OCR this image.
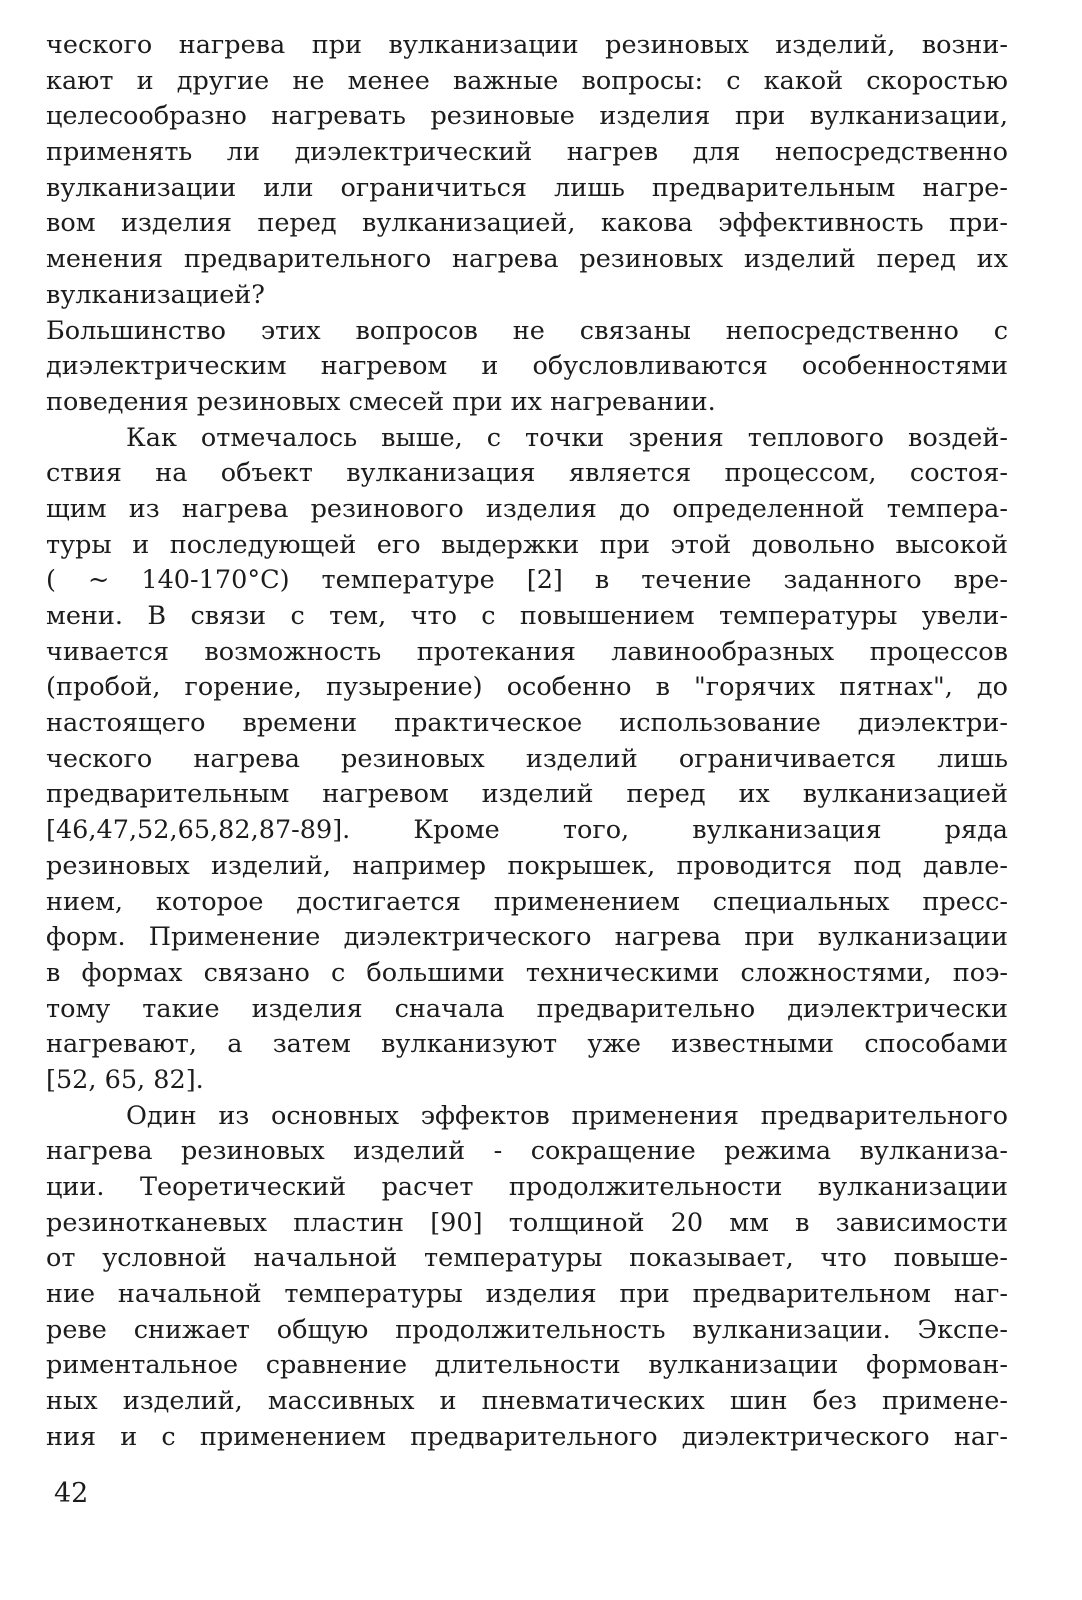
ческого нагрева при вулканизации резиновых изделий, возни-
кают и другие не менее важные вопросы: с какой скоростью
целесообразно нагревать резиновые изделия при вулканизации,
применять ли диэлектрический нагрев для непосредственно
вулканизации или ограничиться лишь предварительным нагре-
вом изделия перед вулканизацией, какова эффективность при-
менения предварительного нагрева резиновых изделий перед их
вулканизацией?
Большинство этих вопросов не связаны непосредственно с
диэлектрическим нагревом и обусловливаются особенностями
поведения резиновых смесей при их нагревании.
Как отмечалось выше, с точки зрения теплового воздей-
ствия на объект вулканизация является процессом, состоя-
щим из нагрева резинового изделия до определенной темпера-
туры и последующей его выдержки при этой довольно высокой
( ~ 140-170°С) температуре [2] в течение заданного вре-
мени. В связи с тем, что с повышением температуры увели-
чивается возможность протекания лавинообразных процессов
(пробой, горение, пузырение) особенно в "горячих пятнах", до
настоящего времени практическое использование диэлектри-
ческого нагрева резиновых изделий ограничивается лишь
предварительным нагревом изделий перед их вулканизацией
[46,47,52,65,82,87-89]. Кроме того, вулканизация ряда
резиновых изделий, например покрышек, проводится под давле-
нием, которое достигается применением специальных пресс-
форм. Применение диэлектрического нагрева при вулканизации
в формах связано с большими техническими сложностями, поэ-
тому такие изделия сначала предварительно диэлектрически
нагревают, а затем вулканизуют уже известными способами
[52, 65, 82].
Один из основных эффектов применения предварительного
нагрева резиновых изделий - сокращение режима вулканиза-
ции. Теоретический расчет продолжительности вулканизации
резинотканевых пластин [90] толщиной 20 мм в зависимости
от условной начальной температуры показывает, что повыше-
ние начальной температуры изделия при предварительном наг-
реве снижает общую продолжительность вулканизации. Экспе-
риментальное сравнение длительности вулканизации формован-
ных изделий, массивных и пневматических шин без примене-
ния и с применением предварительного диэлектрического наг-
42
